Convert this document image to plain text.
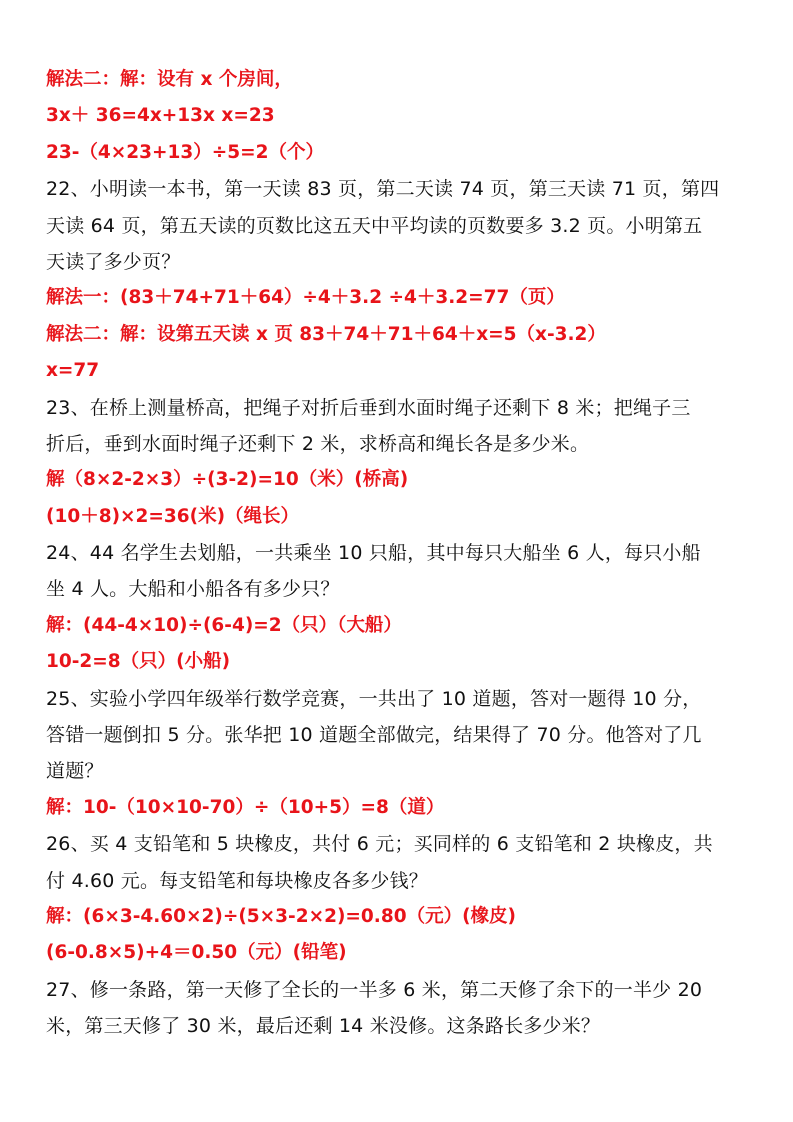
解法二：解：设有 x 个房间，
3x＋ 36=4x+13x x=23
23-（4×23+13）÷5=2（个）
22、小明读一本书，第一天读 83 页，第二天读 74 页，第三天读 71 页，第四
天读 64 页，第五天读的页数比这五天中平均读的页数要多 3.2 页。小明第五
天读了多少页？
解法一：(83＋74+71＋64）÷4＋3.2 ÷4＋3.2=77（页）
解法二：解：设第五天读 x 页 83＋74＋71＋64＋x=5（x-3.2）
x=77
23、在桥上测量桥高，把绳子对折后垂到水面时绳子还剩下 8 米；把绳子三
折后，垂到水面时绳子还剩下 2 米，求桥高和绳长各是多少米。
解（8×2-2×3）÷(3-2)=10（米）(桥高)
(10＋8)×2=36(米)（绳长）
24、44 名学生去划船，一共乘坐 10 只船，其中每只大船坐 6 人，每只小船
坐 4 人。大船和小船各有多少只？
解：(44-4×10)÷(6-4)=2（只）（大船）
10-2=8（只）(小船)
25、实验小学四年级举行数学竞赛，一共出了 10 道题，答对一题得 10 分，
答错一题倒扣 5 分。张华把 10 道题全部做完，结果得了 70 分。他答对了几
道题？
解：10-（10×10-70）÷（10+5）=8（道）
26、买 4 支铅笔和 5 块橡皮，共付 6 元；买同样的 6 支铅笔和 2 块橡皮，共
付 4.60 元。每支铅笔和每块橡皮各多少钱？
解：(6×3-4.60×2)÷(5×3-2×2)=0.80（元）(橡皮)
(6-0.8×5)+4＝0.50（元）(铅笔)
27、修一条路，第一天修了全长的一半多 6 米，第二天修了余下的一半少 20
米，第三天修了 30 米，最后还剩 14 米没修。这条路长多少米？
